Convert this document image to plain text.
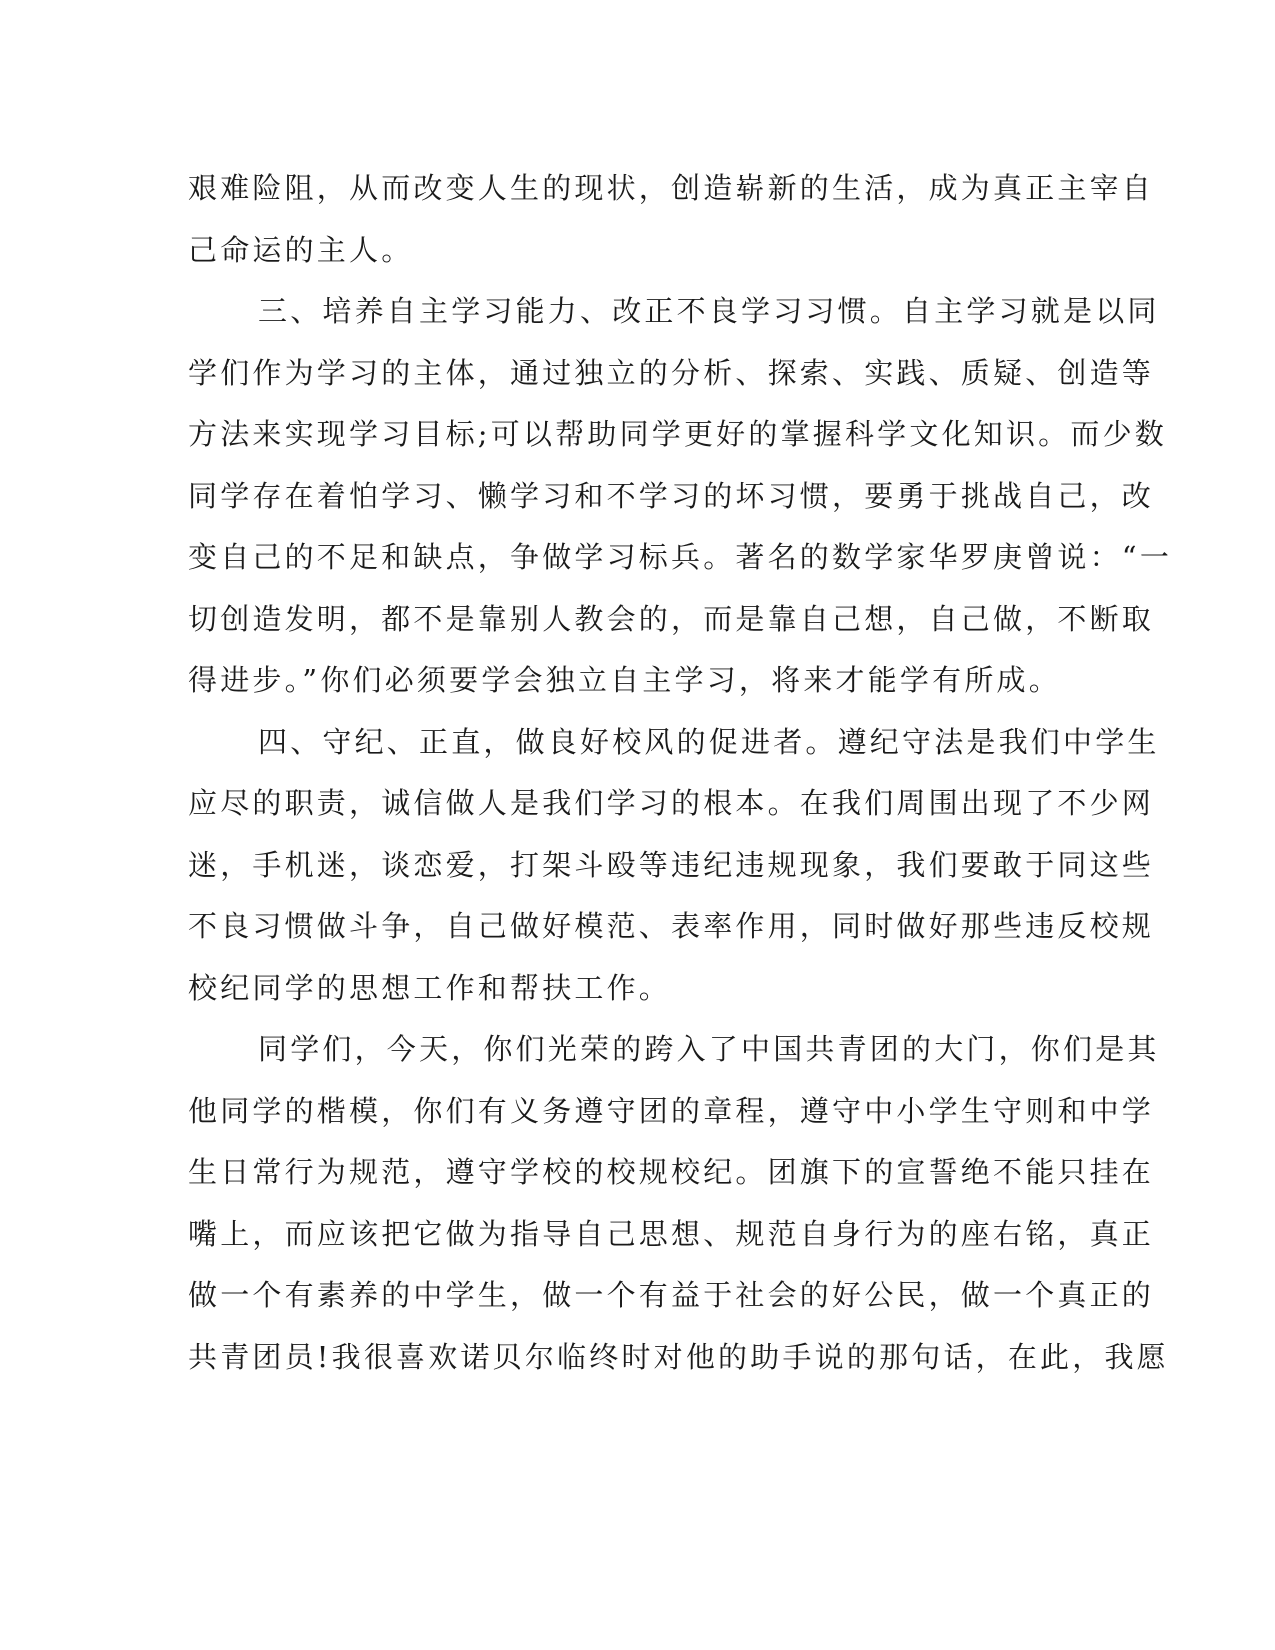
艰难险阻，从而改变人生的现状，创造崭新的生活，成为真正主宰自
己命运的主人。
三、培养自主学习能力、改正不良学习习惯。自主学习就是以同
学们作为学习的主体，通过独立的分析、探索、实践、质疑、创造等
方法来实现学习目标;可以帮助同学更好的掌握科学文化知识。而少数
同学存在着怕学习、懒学习和不学习的坏习惯，要勇于挑战自己，改
变自己的不足和缺点，争做学习标兵。著名的数学家华罗庚曾说：“一
切创造发明，都不是靠别人教会的，而是靠自己想，自己做，不断取
得进步。”你们必须要学会独立自主学习，将来才能学有所成。
四、守纪、正直，做良好校风的促进者。遵纪守法是我们中学生
应尽的职责，诚信做人是我们学习的根本。在我们周围出现了不少网
迷，手机迷，谈恋爱，打架斗殴等违纪违规现象，我们要敢于同这些
不良习惯做斗争，自己做好模范、表率作用，同时做好那些违反校规
校纪同学的思想工作和帮扶工作。
同学们，今天，你们光荣的跨入了中国共青团的大门，你们是其
他同学的楷模，你们有义务遵守团的章程，遵守中小学生守则和中学
生日常行为规范，遵守学校的校规校纪。团旗下的宣誓绝不能只挂在
嘴上，而应该把它做为指导自己思想、规范自身行为的座右铭，真正
做一个有素养的中学生，做一个有益于社会的好公民，做一个真正的
共青团员!我很喜欢诺贝尔临终时对他的助手说的那句话，在此，我愿
